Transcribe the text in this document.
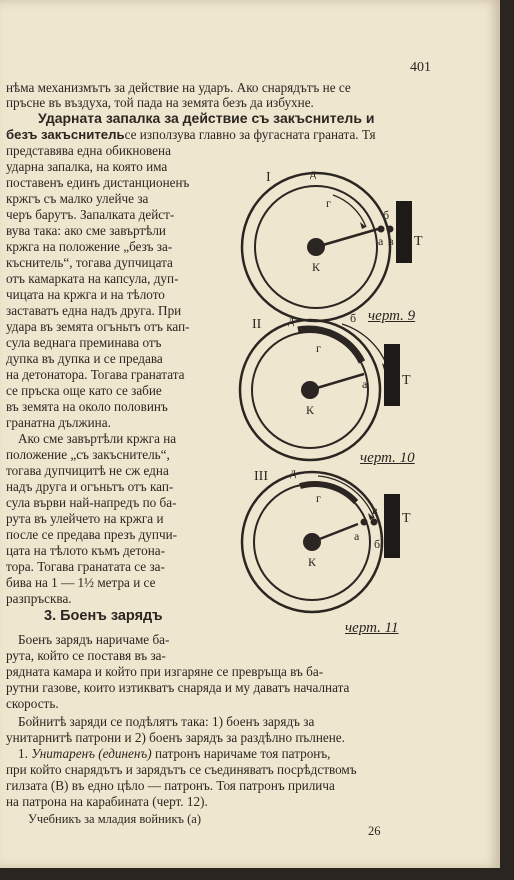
401
нѣма механизмътъ за действие на ударъ. Ако снарядътъ не се
пръсне въ въздуха, той пада на земята безъ да избухне.
Ударната запалка за действие съ закъснитель и
безъ закъснительсе използува главно за фугасната граната. Тя
представява една обикновена
ударна запалка, на която има
поставенъ единъ дистанционенъ
кржгъ съ малко улейче за
черъ барутъ. Запалката дейст-
вува така: ако сме завъртѣли
кржга на положение „безъ за-
къснитель“, тогава дупчицата
отъ камарката на капсула, дуп-
чицата на кржга и на тѣлото
заставатъ една надъ друга. При
удара въ земята огъньтъ отъ кап-
сула веднага преминава отъ
дупка въ дупка и се предава
на детонатора. Тогава гранатата
се пръска още като се забие
въ земята на около половинъ
гранатна дължина.
Ако сме завъртѣли кржга на
положение „съ закъснитель“,
тогава дупчицитѣ не сж една
надъ друга и огъньтъ отъ кап-
сула върви най-напредъ по ба-
рута въ улейчето на кржга и
после се предава презъ дупчи-
цата на тѣлото къмъ детона-
тора. Тогава гранатата се за-
бива на 1 — 1½ метра и се
разпръсква.
3. Боенъ зарядъ
Боенъ зарядъ наричаме ба-
рута, който се поставя въ за-
рядната камара и който при изгаряне се превръща въ ба-
рутни газове, които изтикватъ снаряда и му даватъ началната
скорость.
Бойнитѣ заряди се подѣлятъ така: 1) боенъ зарядъ за
унитарнитѣ патрони и 2) боенъ зарядъ за раздѣлно пълнене.
1. Унитаренъ (единенъ) патронъ наричаме тоя патронъ,
при който снарядътъ и зарядътъ се съединяватъ посрѣдствомъ
гилзата (В) въ едно цѣло — патронъ. Тоя патронъ прилича
на патрона на карабината (черт. 12).
Учебникъ за младия войникъ (а)
26
I	д
г
б
а в
К
Т
черт. 9
II д
г
б
а
К
Т
черт. 10
III д
г
б
а
в
К
Т
черт. 11
